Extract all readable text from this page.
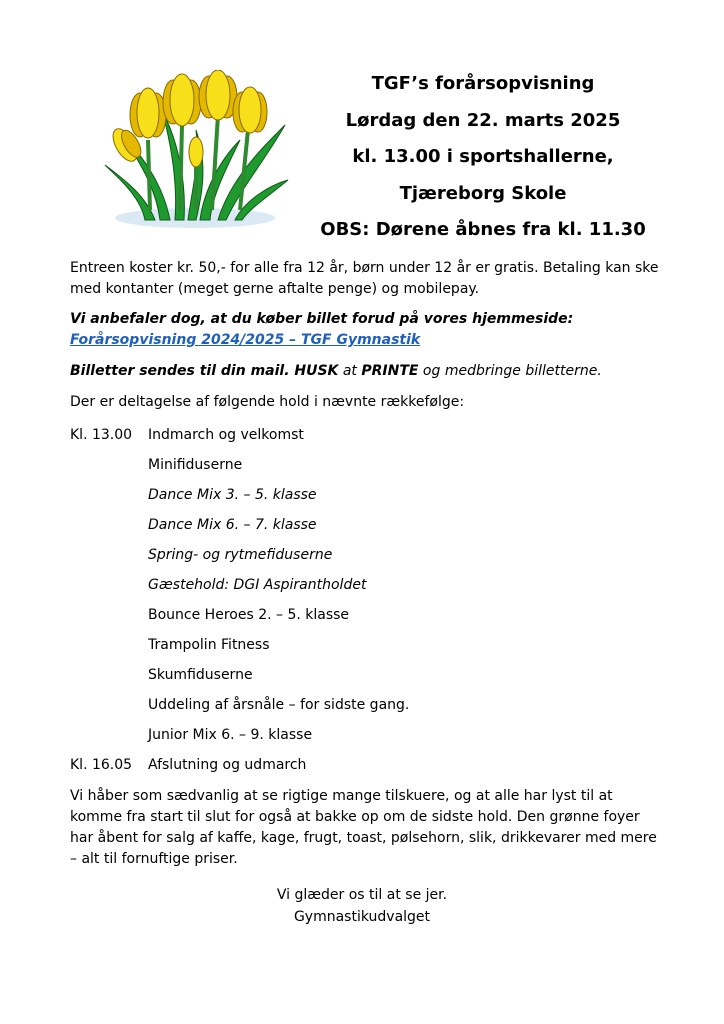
TGF’s forårsopvisning
Lørdag den 22. marts 2025
kl. 13.00 i sportshallerne,
Tjæreborg Skole
OBS: Dørene åbnes fra kl. 11.30
Entreen koster kr. 50,- for alle fra 12 år, børn under 12 år er gratis. Betaling kan ske med kontanter (meget gerne aftalte penge) og mobilepay.
Vi anbefaler dog, at du køber billet forud på vores hjemmeside: Forårsopvisning 2024/2025 – TGF Gymnastik
Billetter sendes til din mail. HUSK at PRINTE og medbringe billetterne.
Der er deltagelse af følgende hold i nævnte rækkefølge:
Kl. 13.00	Indmarch og velkomst
Minifiduserne
Dance Mix 3. – 5. klasse
Dance Mix 6. – 7. klasse
Spring- og rytmefiduserne
Gæstehold: DGI Aspirantholdet
Bounce Heroes 2. – 5. klasse
Trampolin Fitness
Skumfiduserne
Uddeling af årsnåle – for sidste gang.
Junior Mix 6. – 9. klasse
Kl. 16.05	Afslutning og udmarch
Vi håber som sædvanlig at se rigtige mange tilskuere, og at alle har lyst til at komme fra start til slut for også at bakke op om de sidste hold. Den grønne foyer har åbent for salg af kaffe, kage, frugt, toast, pølsehorn, slik, drikkevarer med mere – alt til fornuftige priser.
Vi glæder os til at se jer.
Gymnastikudvalget
